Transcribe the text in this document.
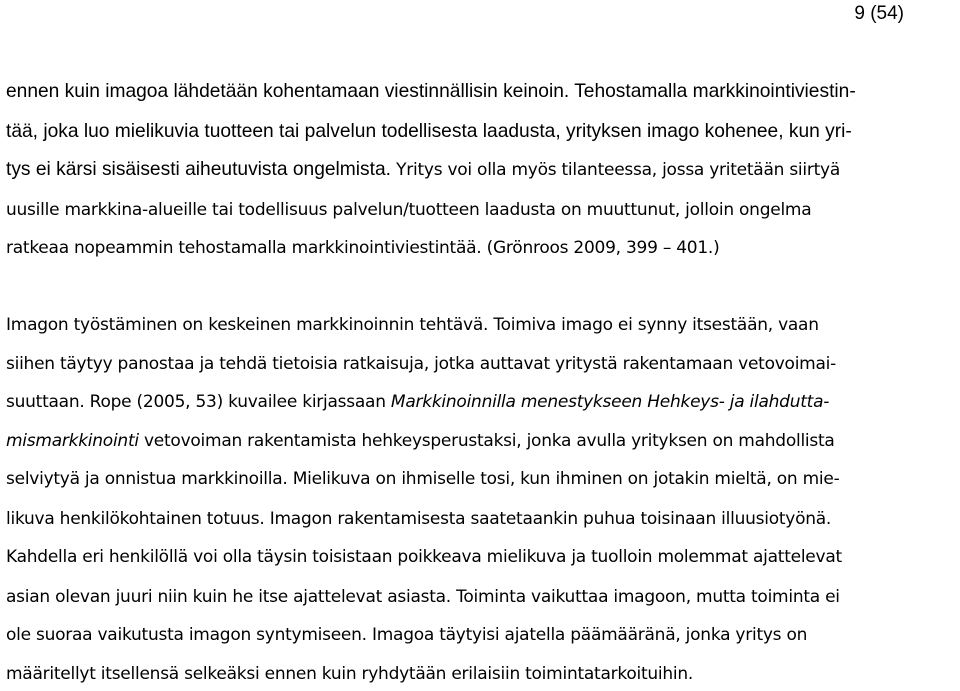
9 (54)
ennen kuin imagoa lähdetään kohentamaan viestinnällisin keinoin. Tehostamalla markkinointiviestin-
tää, joka luo mielikuvia tuotteen tai palvelun todellisesta laadusta, yrityksen imago kohenee, kun yri-
tys ei kärsi sisäisesti aiheutuvista ongelmista. Yritys voi olla myös tilanteessa, jossa yritetään siirtyä
uusille markkina-alueille tai todellisuus palvelun/tuotteen laadusta on muuttunut, jolloin ongelma
ratkeaa nopeammin tehostamalla markkinointiviestintää. (Grönroos 2009, 399 – 401.)
Imagon työstäminen on keskeinen markkinoinnin tehtävä. Toimiva imago ei synny itsestään, vaan
siihen täytyy panostaa ja tehdä tietoisia ratkaisuja, jotka auttavat yritystä rakentamaan vetovoimai-
suuttaan. Rope (2005, 53) kuvailee kirjassaan Markkinoinnilla menestykseen Hehkeys- ja ilahdutta-
mismarkkinointi vetovoiman rakentamista hehkeysperustaksi, jonka avulla yrityksen on mahdollista
selviytyä ja onnistua markkinoilla. Mielikuva on ihmiselle tosi, kun ihminen on jotakin mieltä, on mie-
likuva henkilökohtainen totuus. Imagon rakentamisesta saatetaankin puhua toisinaan illuusiotyönä.
Kahdella eri henkilöllä voi olla täysin toisistaan poikkeava mielikuva ja tuolloin molemmat ajattelevat
asian olevan juuri niin kuin he itse ajattelevat asiasta. Toiminta vaikuttaa imagoon, mutta toiminta ei
ole suoraa vaikutusta imagon syntymiseen. Imagoa täytyisi ajatella päämääränä, jonka yritys on
määritellyt itsellensä selkeäksi ennen kuin ryhdytään erilaisiin toimintatarkoituihin.
